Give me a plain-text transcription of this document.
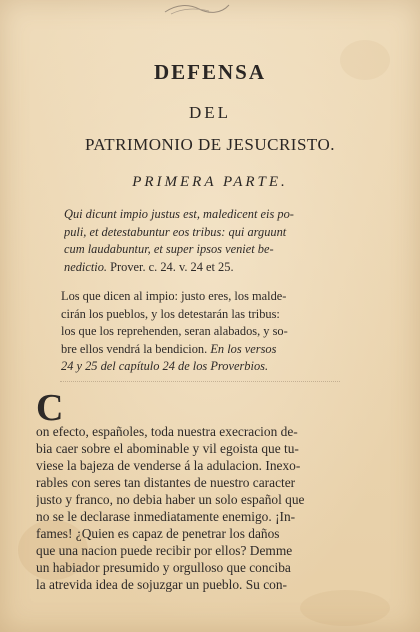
DEFENSA
DEL
PATRIMONIO DE JESUCRISTO.
PRIMERA PARTE.
Qui dicunt impio justus est, maledicent eis po-
puli, et detestabuntur eos tribus: qui arguunt
cum laudabuntur, et super ipsos veniet be-
nedictio. Prover. c. 24. v. 24 et 25.
Los que dicen al impio: justo eres, los malde-
cirán los pueblos, y los detestarán las tribus:
los que los reprehenden, seran alabados, y so-
bre ellos vendrá la bendicion. En los versos
24 y 25 del capítulo 24 de los Proverbios.
C
on efecto, españoles, toda nuestra execracion de-
bia caer sobre el abominable y vil egoista que tu-
viese la bajeza de venderse á la adulacion. Inexo-
rables con seres tan distantes de nuestro caracter
justo y franco, no debia haber un solo español que
no se le declarase inmediatamente enemigo. ¡In-
fames! ¿Quien es capaz de penetrar los daños
que una nacion puede recibir por ellos? Demme
un habiador presumido y orgulloso que conciba
la atrevida idea de sojuzgar un pueblo. Su con-
